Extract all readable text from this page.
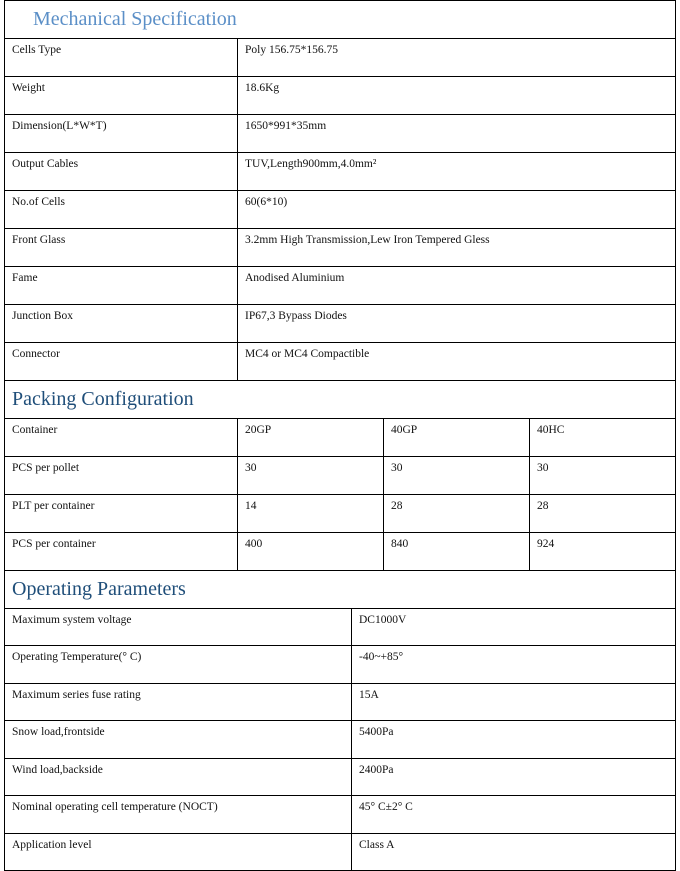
Mechanical Specification	
Cells Type	Poly 156.75*156.75
Weight	18.6Kg
Dimension(L*W*T)	1650*991*35mm
Output Cables	TUV,Length900mm,4.0mm²
No.of Cells	60(6*10)
Front Glass	3.2mm High Transmission,Lew Iron Tempered Gless
Fame	Anodised Aluminium
Junction Box	IP67,3 Bypass Diodes
Connector	MC4 or MC4 Compactible
Packing Configuration			
Container	20GP	40GP	40HC
PCS per pollet	30	30	30
PLT per container	14	28	28
PCS per container	400	840	924
Operating Parameters	
Maximum system voltage	DC1000V
Operating Temperature(° C)	-40~+85°
Maximum series fuse rating	15A
Snow load,frontside	5400Pa
Wind load,backside	2400Pa
Nominal operating cell temperature (NOCT)	45° C±2° C
Application level	Class A
